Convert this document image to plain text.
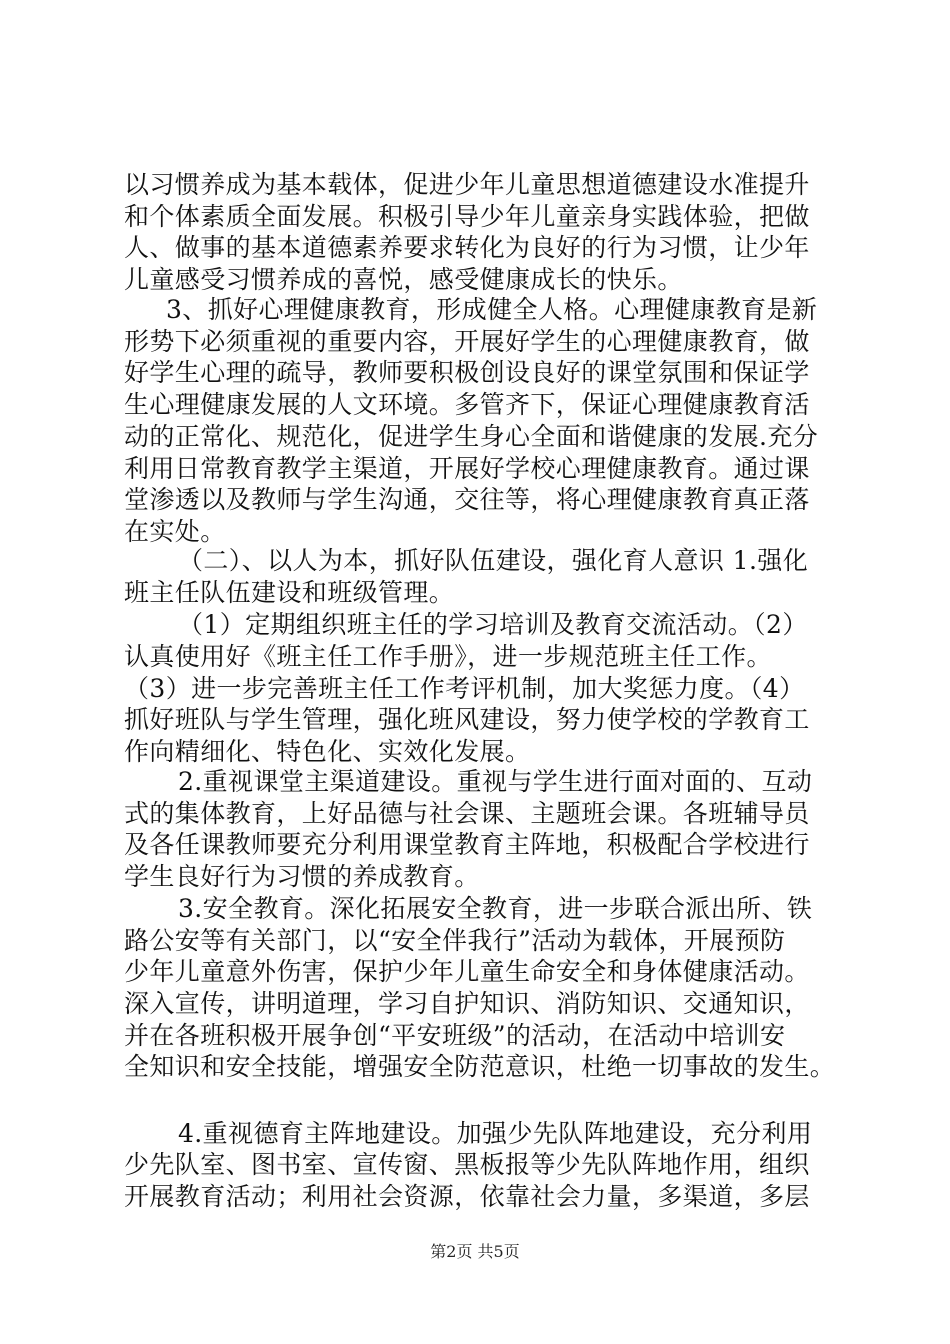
以习惯养成为基本载体，促进少年儿童思想道德建设水准提升
和个体素质全面发展。积极引导少年儿童亲身实践体验，把做
人、做事的基本道德素养要求转化为良好的行为习惯，让少年
儿童感受习惯养成的喜悦，感受健康成长的快乐。
3、抓好心理健康教育，形成健全人格。心理健康教育是新
形势下必须重视的重要内容，开展好学生的心理健康教育，做
好学生心理的疏导，教师要积极创设良好的课堂氛围和保证学
生心理健康发展的人文环境。多管齐下，保证心理健康教育活
动的正常化、规范化，促进学生身心全面和谐健康的发展.充分
利用日常教育教学主渠道，开展好学校心理健康教育。通过课
堂渗透以及教师与学生沟通，交往等，将心理健康教育真正落
在实处。
（二）、以人为本，抓好队伍建设，强化育人意识 1.强化
班主任队伍建设和班级管理。
（1）定期组织班主任的学习培训及教育交流活动。（2）
认真使用好《班主任工作手册》，进一步规范班主任工作。
（3）进一步完善班主任工作考评机制，加大奖惩力度。（4）
抓好班队与学生管理，强化班风建设，努力使学校的学教育工
作向精细化、特色化、实效化发展。
2.重视课堂主渠道建设。重视与学生进行面对面的、互动
式的集体教育，上好品德与社会课、主题班会课。各班辅导员
及各任课教师要充分利用课堂教育主阵地，积极配合学校进行
学生良好行为习惯的养成教育。
3.安全教育。深化拓展安全教育，进一步联合派出所、铁
路公安等有关部门，以“安全伴我行”活动为载体，开展预防
少年儿童意外伤害，保护少年儿童生命安全和身体健康活动。
深入宣传，讲明道理，学习自护知识、消防知识、交通知识，
并在各班积极开展争创“平安班级”的活动，在活动中培训安
全知识和安全技能，增强安全防范意识，杜绝一切事故的发生。
4.重视德育主阵地建设。加强少先队阵地建设，充分利用
少先队室、图书室、宣传窗、黑板报等少先队阵地作用，组织
开展教育活动；利用社会资源，依靠社会力量，多渠道，多层
第2页 共5页
